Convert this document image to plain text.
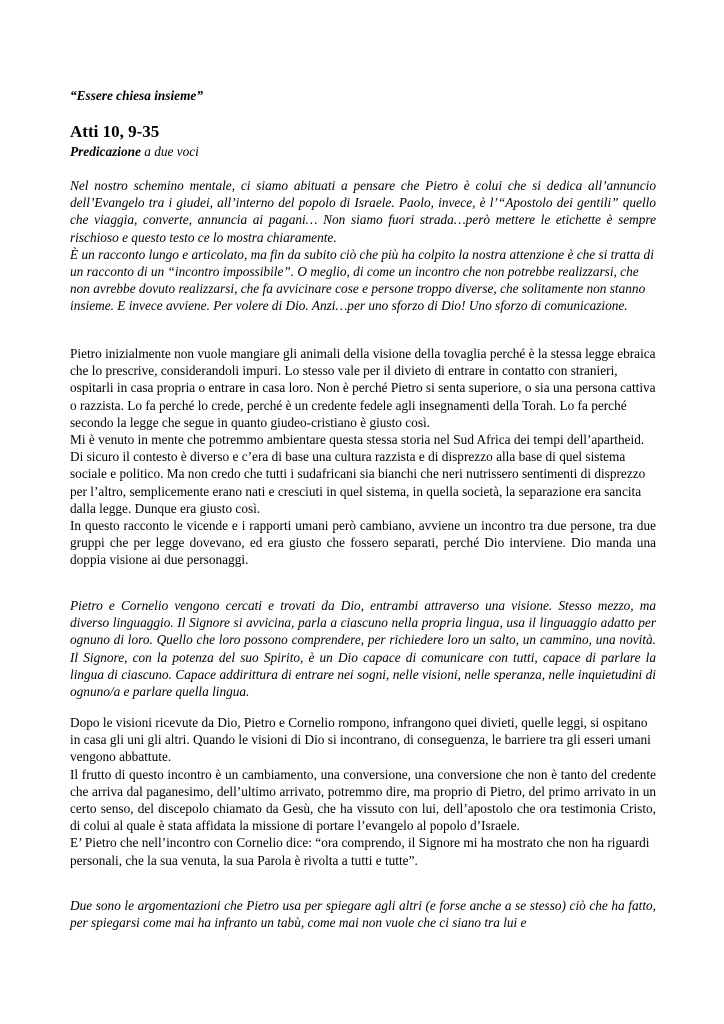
“Essere chiesa insieme”
Atti 10, 9-35
Predicazione a due voci

Nel nostro schemino mentale, ci siamo abituati a pensare che Pietro è colui che si dedica all’annuncio dell’Evangelo tra i giudei, all’interno del popolo di Israele. Paolo, invece, è l’“Apostolo dei gentili” quello che viaggia, converte, annuncia ai pagani… Non siamo fuori strada…però mettere le etichette è sempre rischioso e questo testo ce lo mostra chiaramente.

È un racconto lungo e articolato, ma fin da subito ciò che più ha colpito la nostra attenzione è che si tratta di un racconto di un “incontro impossibile”. O meglio, di come un incontro che non potrebbe realizzarsi, che non avrebbe dovuto realizzarsi, che fa avvicinare cose e persone troppo diverse, che solitamente non stanno insieme. E invece avviene. Per volere di Dio. Anzi…per uno sforzo di Dio! Uno sforzo di comunicazione.

Pietro inizialmente non vuole mangiare gli animali della visione della tovaglia perché è la stessa legge ebraica che lo prescrive, considerandoli impuri. Lo stesso vale per il divieto di entrare in contatto con stranieri, ospitarli in casa propria o entrare in casa loro. Non è perché Pietro si senta superiore, o sia una persona cattiva o razzista. Lo fa perché lo crede, perché è un credente fedele agli insegnamenti della Torah. Lo fa perché secondo la legge che segue in quanto giudeo-cristiano è giusto così.

Mi è venuto in mente che potremmo ambientare questa stessa storia nel Sud Africa dei tempi dell’apartheid. Di sicuro il contesto è diverso e c’era di base una cultura razzista e di disprezzo alla base di quel sistema sociale e politico. Ma non credo che tutti i sudafricani sia bianchi che neri nutrissero sentimenti di disprezzo per l’altro, semplicemente erano nati e cresciuti in quel sistema, in quella società, la separazione era sancita dalla legge. Dunque era giusto così.

In questo racconto le vicende e i rapporti umani però cambiano, avviene un incontro tra due persone, tra due gruppi che per legge dovevano, ed era giusto che fossero separati, perché Dio interviene. Dio manda una doppia visione ai due personaggi.

Pietro e Cornelio vengono cercati e trovati da Dio, entrambi attraverso una visione. Stesso mezzo, ma diverso linguaggio. Il Signore si avvicina, parla a ciascuno nella propria lingua, usa il linguaggio adatto per ognuno di loro. Quello che loro possono comprendere, per richiedere loro un salto, un cammino, una novità. Il Signore, con la potenza del suo Spirito, è un Dio capace di comunicare con tutti, capace di parlare la lingua di ciascuno. Capace addirittura di entrare nei sogni, nelle visioni, nelle speranza, nelle inquietudini di ognuno/a e parlare quella lingua.

Dopo le visioni ricevute da Dio, Pietro e Cornelio rompono, infrangono quei divieti, quelle leggi, si ospitano in casa gli uni gli altri. Quando le visioni di Dio si incontrano, di conseguenza, le barriere tra gli esseri umani vengono abbattute.

Il frutto di questo incontro è un cambiamento, una conversione, una conversione che non è tanto del credente che arriva dal paganesimo, dell’ultimo arrivato, potremmo dire, ma proprio di Pietro, del primo arrivato in un certo senso, del discepolo chiamato da Gesù, che ha vissuto con lui, dell’apostolo che ora testimonia Cristo, di colui al quale è stata affidata la missione di portare l’evangelo al popolo d’Israele.

E’ Pietro che nell’incontro con Cornelio dice: “ora comprendo, il Signore mi ha mostrato che non ha riguardi personali, che la sua venuta, la sua Parola è rivolta a tutti e tutte”.

Due sono le argomentazioni che Pietro usa per spiegare agli altri (e forse anche a se stesso) ciò che ha fatto, per spiegarsi come mai ha infranto un tabù, come mai non vuole che ci siano tra lui e
